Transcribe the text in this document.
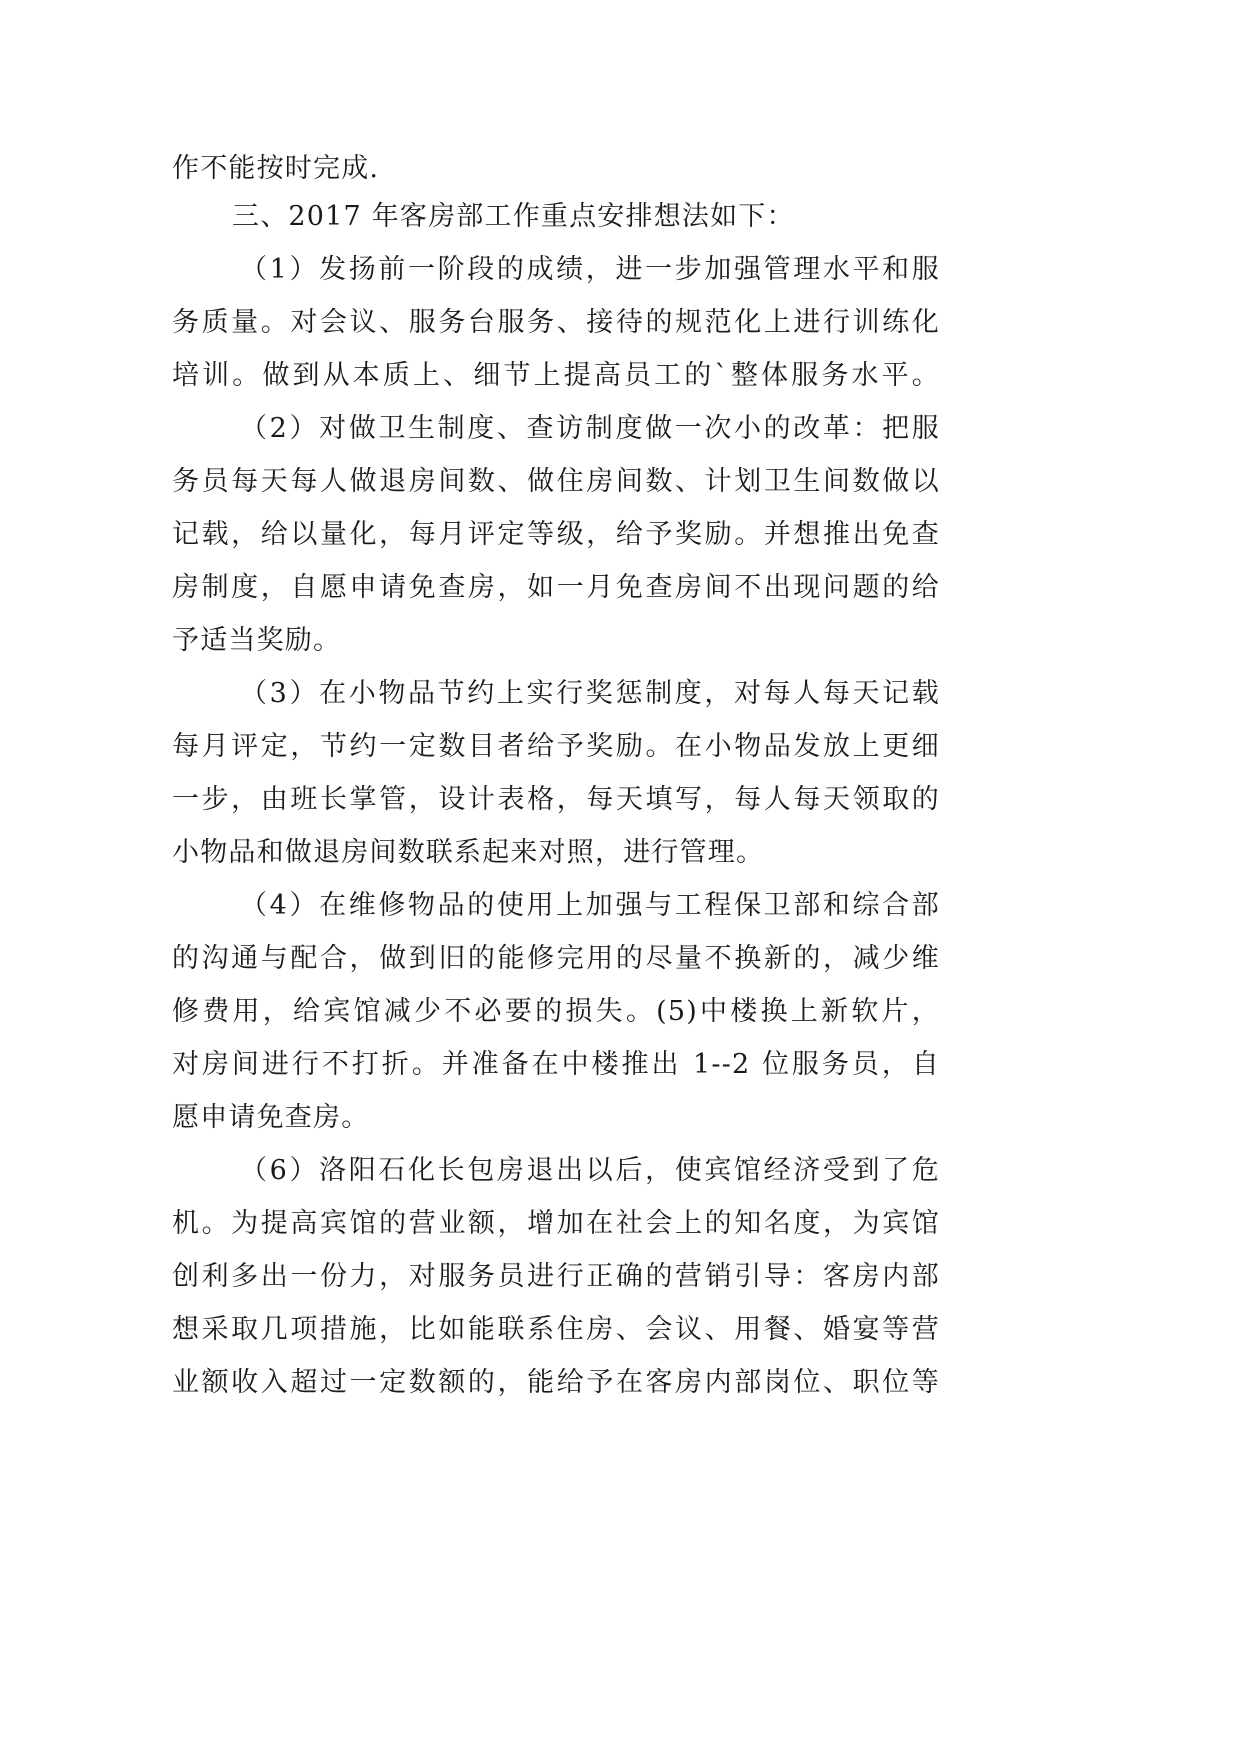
作不能按时完成.
三、2017 年客房部工作重点安排想法如下：
（1）发扬前一阶段的成绩，进一步加强管理水平和服
务质量。对会议、服务台服务、接待的规范化上进行训练化
培训。做到从本质上、细节上提高员工的`整体服务水平。
（2）对做卫生制度、查访制度做一次小的改革：把服
务员每天每人做退房间数、做住房间数、计划卫生间数做以
记载，给以量化，每月评定等级，给予奖励。并想推出免查
房制度，自愿申请免查房，如一月免查房间不出现问题的给
予适当奖励。
（3）在小物品节约上实行奖惩制度，对每人每天记载
每月评定，节约一定数目者给予奖励。在小物品发放上更细
一步，由班长掌管，设计表格，每天填写，每人每天领取的
小物品和做退房间数联系起来对照，进行管理。
（4）在维修物品的使用上加强与工程保卫部和综合部
的沟通与配合，做到旧的能修完用的尽量不换新的，减少维
修费用，给宾馆减少不必要的损失。(5)中楼换上新软片，
对房间进行不打折。并准备在中楼推出 1--2 位服务员，自
愿申请免查房。
（6）洛阳石化长包房退出以后，使宾馆经济受到了危
机。为提高宾馆的营业额，增加在社会上的知名度，为宾馆
创利多出一份力，对服务员进行正确的营销引导：客房内部
想采取几项措施，比如能联系住房、会议、用餐、婚宴等营
业额收入超过一定数额的，能给予在客房内部岗位、职位等
